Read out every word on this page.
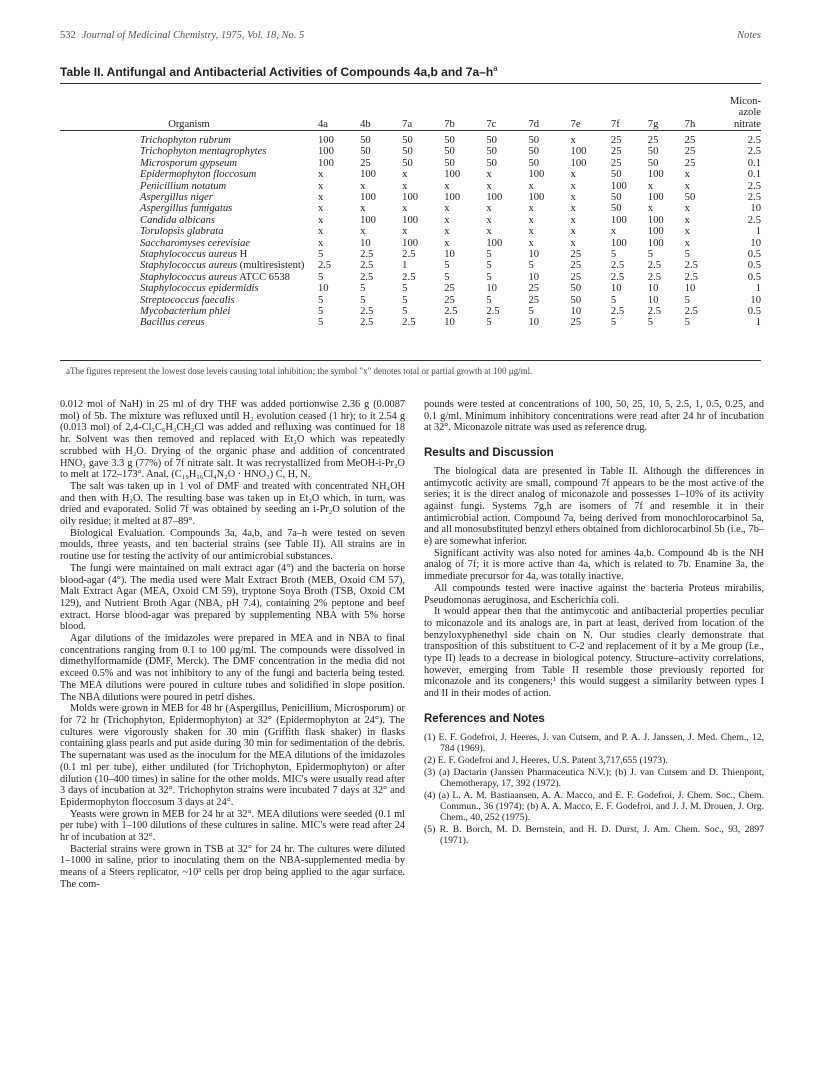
532 Journal of Medicinal Chemistry, 1975, Vol. 18, No. 5	Notes
Table II. Antifungal and Antibacterial Activities of Compounds 4a,b and $7a-h^a$
Organism	4a	4b	7a	7b	7c	7d	7e	7f	7g	7h	Micon-
azole
nitrate

Trichophyton rubrum	100	50	50	50	50	50	x	25	25	25	2.5
Trichophyton mentagrophytes	100	50	50	50	50	50	100	25	50	25	2.5
Microsporum gypseum	100	25	50	50	50	50	100	25	50	25	0.1
Epidermophyton floccosum	x	100	x	100	x	100	x	50	100	x	0.1
Penicillium notatum	x	x	x	x	x	x	x	100	x	x	2.5
Aspergillus niger	x	100	100	100	100	100	x	50	100	50	2.5
Aspergillus fumigatus	x	x	x	x	x	x	x	50	x	x	10
Candida albicans	x	100	100	x	x	x	x	100	100	x	2.5
Torulopsis glabrata	x	x	x	x	x	x	x	x	100	x	1
Saccharomyses cerevisiae	x	10	100	x	100	x	x	100	100	x	10
Staphylococcus aureus H	5	2.5	2.5	10	5	10	25	5	5	5	0.5
Staphylococcus aureus (multiresistent)	2.5	2.5	1	5	5	5	25	2.5	2.5	2.5	0.5
Staphylococcus aureus ATCC 6538	5	2.5	2.5	5	5	10	25	2.5	2.5	2.5	0.5
Staphylococcus epidermidis	10	5	5	25	10	25	50	10	10	10	1
Streptococcus faecalis	5	5	5	25	5	25	50	5	10	5	10
Mycobacterium phlei	5	2.5	5	2.5	2.5	5	10	2.5	2.5	2.5	0.5
Bacillus cereus	5	2.5	2.5	10	5	10	25	5	5	5	1
aThe figures represent the lowest dose levels causing total inhibition; the symbol "x" denotes total or partial growth at 100 μg/ml.

0.012 mol of NaH) in 25 ml of dry THF was added portionwise 2.36 g (0.0087 mol) of 5b. The mixture was refluxed until H₂ evolution ceased (1 hr); to it 2.54 g (0.013 mol) of 2,4-Cl₂C₆H₃CH₂Cl was added and refluxing was continued for 18 hr. Solvent was then removed and replaced with Et₂O which was repeatedly scrubbed with H₂O. Drying of the organic phase and addition of concentrated HNO₃ gave 3.3 g (77%) of 7f nitrate salt. It was recrystallized from MeOH-i-Pr₂O to melt at 172–173°. Anal. (C₁₉H₁₆Cl₄N₂O · HNO₃) C, H, N.

The salt was taken up in 1 vol of DMF and treated with concentrated NH₄OH and then with H₂O. The resulting base was taken up in Et₂O which, in turn, was dried and evaporated. Solid 7f was obtained by seeding an i-Pr₂O solution of the oily residue; it melted at 87–89°.

Biological Evaluation. Compounds 3a, 4a,b, and 7a–h were tested on seven moulds, three yeasts, and ten bacterial strains (see Table II). All strains are in routine use for testing the activity of our antimicrobial substances.

The fungi were maintained on malt extract agar (4°) and the bacteria on horse blood-agar (4°). The media used were Malt Extract Broth (MEB, Oxoid CM 57), Malt Extract Agar (MEA, Oxoid CM 59), tryptone Soya Broth (TSB, Oxoid CM 129), and Nutrient Broth Agar (NBA, pH 7.4), containing 2% peptone and beef extract. Horse blood-agar was prepared by supplementing NBA with 5% horse blood.

Agar dilutions of the imidazoles were prepared in MEA and in NBA to final concentrations ranging from 0.1 to 100 μg/ml. The compounds were dissolved in dimethylformamide (DMF, Merck). The DMF concentration in the media did not exceed 0.5% and was not inhibitory to any of the fungi and bacteria being tested. The MEA dilutions were poured in culture tubes and solidified in slope position. The NBA dilutions were poured in petri dishes.

Molds were grown in MEB for 48 hr (Aspergillus, Penicillium, Microsporum) or for 72 hr (Trichophyton, Epidermophyton) at 32° (Epidermophyton at 24°). The cultures were vigorously shaken for 30 min (Griffith flask shaker) in flasks containing glass pearls and put aside during 30 min for sedimentation of the debris. The supernatant was used as the inoculum for the MEA dilutions of the imidazoles (0.1 ml per tube), either undiluted (for Trichophyton, Epidermophyton) or after dilution (10–400 times) in saline for the other molds. MIC's were usually read after 3 days of incubation at 32°. Trichophyton strains were incubated 7 days at 32° and Epidermophyton floccosum 3 days at 24°.

Yeasts were grown in MEB for 24 hr at 32°. MEA dilutions were seeded (0.1 ml per tube) with 1–100 dilutions of these cultures in saline. MIC's were read after 24 hr of incubation at 32°.

Bacterial strains were grown in TSB at 32° for 24 hr. The cultures were diluted 1–1000 in saline, prior to inoculating them on the NBA-supplemented media by means of a Steers replicator, ~10³ cells per drop being applied to the agar surface. The com-

pounds were tested at concentrations of 100, 50, 25, 10, 5, 2.5, 1, 0.5, 0.25, and 0.1 g/ml. Minimum inhibitory concentrations were read after 24 hr of incubation at 32°. Miconazole nitrate was used as reference drug.

Results and Discussion

The biological data are presented in Table II. Although the differences in antimycotic activity are small, compound 7f appears to be the most active of the series; it is the direct analog of miconazole and possesses 1–10% of its activity against fungi. Systems 7g,h are isomers of 7f and resemble it in their antimicrobial action. Compound 7a, being derived from monochlorocarbinol 5a, and all monosubstituted benzyl ethers obtained from dichlorocarbinol 5b (i.e., 7b–e) are somewhat inferior.

Significant activity was also noted for amines 4a,b. Compound 4b is the NH analog of 7f; it is more active than 4a, which is related to 7b. Enamine 3a, the immediate precursor for 4a, was totally inactive.

All compounds tested were inactive against the bacteria Proteus mirabilis, Pseudomonas aeruginosa, and Escherichia coli.

It would appear then that the antimycotic and antibacterial properties peculiar to miconazole and its analogs are, in part at least, derived from location of the benzyloxyphenethyl side chain on N. Our studies clearly demonstrate that transposition of this substituent to C-2 and replacement of it by a Me group (i.e., type II) leads to a decrease in biological potency. Structure–activity correlations, however, emerging from Table II resemble those previously reported for miconazole and its congeners;¹ this would suggest a similarity between types I and II in their modes of action.

References and Notes

(1) E. F. Godefroi, J. Heeres, J. van Cutsem, and P. A. J. Janssen, J. Med. Chem., 12, 784 (1969).

(2) E. F. Godefroi and J. Heeres, U.S. Patent 3,717,655 (1973).

(3) (a) Dactarin (Janssen Pharmaceutica N.V.); (b) J. van Cutsem and D. Thienpont, Chemotherapy, 17, 392 (1972).

(4) (a) L. A. M. Bastiaansen, A. A. Macco, and E. F. Godefroi, J. Chem. Soc., Chem. Commun., 36 (1974); (b) A. A. Macco, E. F. Godefroi, and J. J. M. Drouen, J. Org. Chem., 40, 252 (1975).

(5) R. B. Borch, M. D. Bernstein, and H. D. Durst, J. Am. Chem. Soc., 93, 2897 (1971).
